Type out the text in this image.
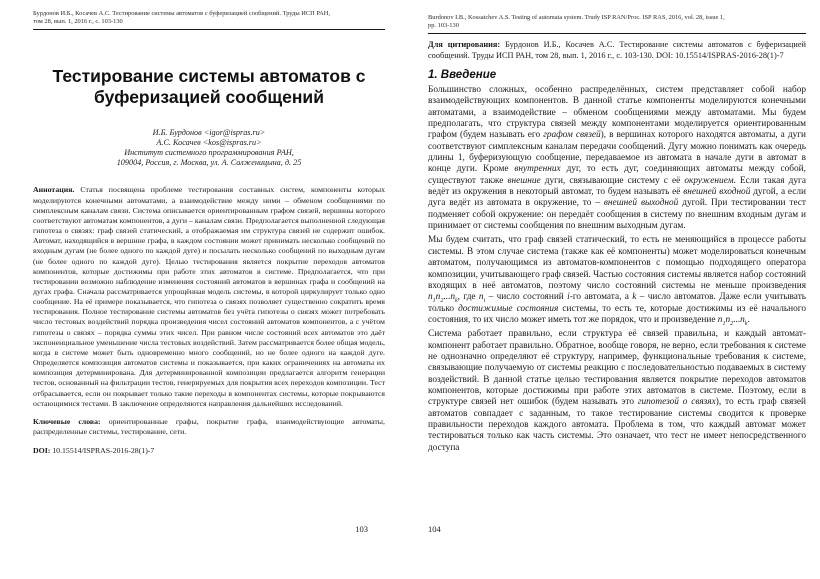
Бурдонов И.Б., Косачев А.С. Тестирование системы автоматов с буферизацией сообщений. Труды ИСП РАН,
том 28, вып. 1, 2016 г., с. 103-130
Тестирование системы автоматов с буферизацией сообщений
И.Б. Бурдонов <igor@ispras.ru>
А.С. Косачев <kos@ispras.ru>
Институт системного программирования РАН,
109004, Россия, г. Москва, ул. А. Солженицына, д. 25
Аннотация. Статья посвящена проблеме тестирования составных систем, компоненты которых моделируются конечными автоматами, а взаимодействие между ними – обменом сообщениями по симплексным каналам связи. Система описывается ориентированным графом связей, вершины которого соответствуют автоматам компонентов, а дуги – каналам связи. Предполагается выполненной следующая гипотеза о связях: граф связей статический, а отображаемая им структура связей не содержит ошибок. Автомат, находящийся в вершине графа, в каждом состоянии может принимать несколько сообщений по входным дугам (не более одного по каждой дуге) и посылать несколько сообщений по выходным дугам (не более одного по каждой дуге). Целью тестирования является покрытие переходов автоматов компонентов, которые достижимы при работе этих автоматов в системе. Предполагается, что при тестировании возможно наблюдение изменения состояний автоматов в вершинах графа и сообщений на дугах графа. Сначала рассматривается упрощённая модель системы, в которой циркулирует только одно сообщение. На её примере показывается, что гипотеза о связях позволяет существенно сократить время тестирования. Полное тестирование системы автоматов без учёта гипотезы о связях может потребовать число тестовых воздействий порядка произведения чисел состояний автоматов компонентов, а с учётом гипотезы о связях – порядка суммы этих чисел. При равном числе состояний всех автоматов это даёт экспоненциальное уменьшение числа тестовых воздействий. Затем рассматривается более общая модель, когда в системе может быть одновременно много сообщений, но не более одного на каждой дуге. Определяется композиция автоматов системы и показывается, при каких ограничениях на автоматы их композиция детерминирована. Для детерминированной композиции предлагается алгоритм генерации тестов, основанный на фильтрации тестов, генерируемых для покрытия всех переходов композиции. Тест отбрасывается, если он покрывает только такие переходы в компонентах системы, которые покрываются остающимися тестами. В заключение определяются направления дальнейших исследований.
Ключевые слова: ориентированные графы, покрытие графа, взаимодействующие автоматы, распределенные системы, тестирование, сети.
DOI: 10.15514/ISPRAS-2016-28(1)-7
103
Burdonov I.B., Kossatchev A.S. Testing of automata system. Trudy ISP RAN/Proc. ISP RAS, 2016, vol. 28, issue 1,
pp. 103-130
Для цитирования: Бурдонов И.Б., Косачев А.С. Тестирование системы автоматов с буферизацией сообщений. Труды ИСП РАН, том 28, вып. 1, 2016 г., с. 103-130. DOI: 10.15514/ISPRAS-2016-28(1)-7
1. Введение
Большинство сложных, особенно распределённых, систем представляет собой набор взаимодействующих компонентов. В данной статье компоненты моделируются конечными автоматами, а взаимодействие – обменом сообщениями между автоматами. Мы будем предполагать, что структура связей между компонентами моделируется ориентированным графом (будем называть его графом связей), в вершинах которого находятся автоматы, а дуги соответствуют симплексным каналам передачи сообщений. Дугу можно понимать как очередь длины 1, буферизующую сообщение, передаваемое из автомата в начале дуги в автомат в конце дуги. Кроме внутренних дуг, то есть дуг, соединяющих автоматы между собой, существуют также внешние дуги, связывающие систему с её окружением. Если такая дуга ведёт из окружения в некоторый автомат, то будем называть её внешней входной дугой, а если дуга ведёт из автомата в окружение, то – внешней выходной дугой. При тестировании тест подменяет собой окружение: он передаёт сообщения в систему по внешним входным дугам и принимает от системы сообщения по внешним выходным дугам.
Мы будем считать, что граф связей статический, то есть не меняющийся в процессе работы системы. В этом случае система (также как её компоненты) может моделироваться конечным автоматом, получающимся из автоматов-компонентов с помощью подходящего оператора композиции, учитывающего граф связей. Частью состояния системы является набор состояний входящих в неё автоматов, поэтому число состояний системы не меньше произведения $n_1n_2...n_k$, где $n_i$ – число состояний i-го автомата, а k – число автоматов. Даже если учитывать только достижимые состояния системы, то есть те, которые достижимы из её начального состояния, то их число может иметь тот же порядок, что и произведение $n_1n_2...n_k$.
Система работает правильно, если структура её связей правильна, и каждый автомат-компонент работает правильно. Обратное, вообще говоря, не верно, если требования к системе не однозначно определяют её структуру, например, функциональные требования к системе, связывающие получаемую от системы реакцию с последовательностью подаваемых в систему воздействий. В данной статье целью тестирования является покрытие переходов автоматов компонентов, которые достижимы при работе этих автоматов в системе. Поэтому, если в структуре связей нет ошибок (будем называть это гипотезой о связях), то есть граф связей автоматов совпадает с заданным, то такое тестирование системы сводится к проверке правильности переходов каждого автомата. Проблема в том, что каждый автомат может тестироваться только как часть системы. Это означает, что тест не имеет непосредственного доступа
104
